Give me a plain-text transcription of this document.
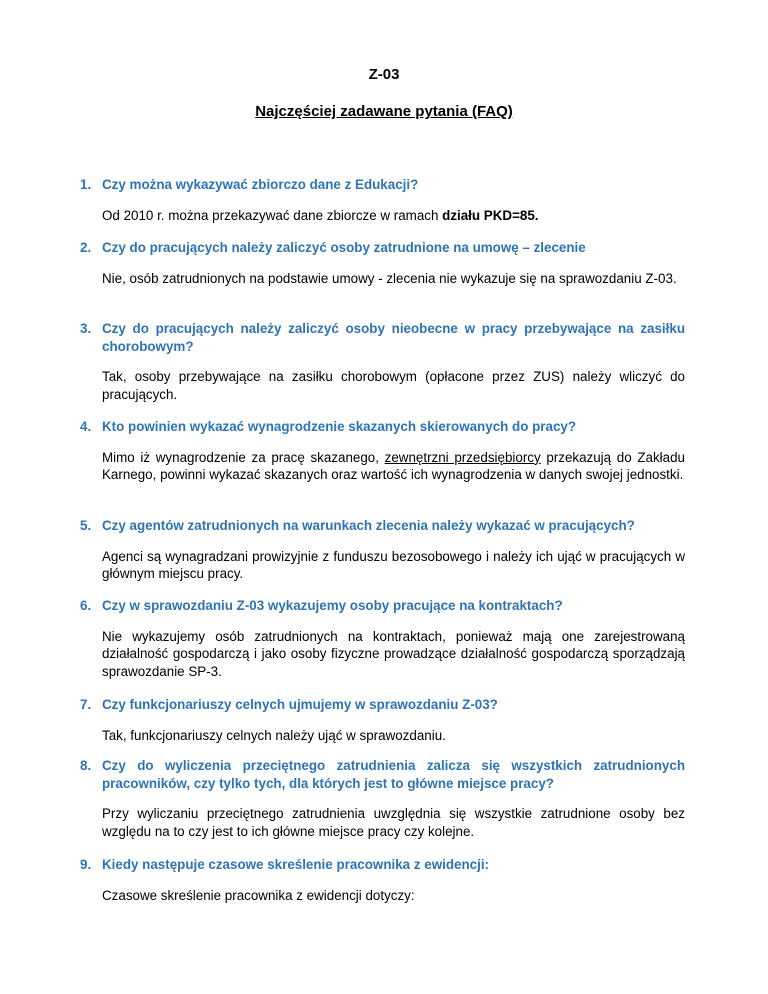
Z-03
Najczęściej zadawane pytania (FAQ)
1. Czy można wykazywać zbiorczo dane z Edukacji?
Od 2010 r. można przekazywać dane zbiorcze w ramach działu PKD=85.
2. Czy do pracujących należy zaliczyć osoby zatrudnione na umowę – zlecenie
Nie, osób zatrudnionych na podstawie umowy - zlecenia nie wykazuje się na sprawozdaniu Z-03.
3. Czy do pracujących należy zaliczyć osoby nieobecne w pracy przebywające na zasiłku chorobowym?
Tak, osoby przebywające na zasiłku chorobowym (opłacone przez ZUS) należy wliczyć do pracujących.
4. Kto powinien wykazać wynagrodzenie skazanych skierowanych do pracy?
Mimo iż wynagrodzenie za pracę skazanego, zewnętrzni przedsiębiorcy przekazują do Zakładu Karnego, powinni wykazać skazanych oraz wartość ich wynagrodzenia w danych swojej jednostki.
5. Czy agentów zatrudnionych na warunkach zlecenia należy wykazać w pracujących?
Agenci są wynagradzani prowizyjnie z funduszu bezosobowego i należy ich ująć w pracujących w głównym miejscu pracy.
6. Czy w sprawozdaniu Z-03 wykazujemy osoby pracujące na kontraktach?
Nie wykazujemy osób zatrudnionych na kontraktach, ponieważ mają one zarejestrowaną działalność gospodarczą i jako osoby fizyczne prowadzące działalność gospodarczą sporządzają sprawozdanie SP-3.
7. Czy funkcjonariuszy celnych ujmujemy w sprawozdaniu Z-03?
Tak, funkcjonariuszy celnych należy ująć w sprawozdaniu.
8. Czy do wyliczenia przeciętnego zatrudnienia zalicza się wszystkich zatrudnionych pracowników, czy tylko tych, dla których jest to główne miejsce pracy?
Przy wyliczaniu przeciętnego zatrudnienia uwzględnia się wszystkie zatrudnione osoby bez względu na to czy jest to ich główne miejsce pracy czy kolejne.
9. Kiedy następuje czasowe skreślenie pracownika z ewidencji:
Czasowe skreślenie pracownika z ewidencji dotyczy:
